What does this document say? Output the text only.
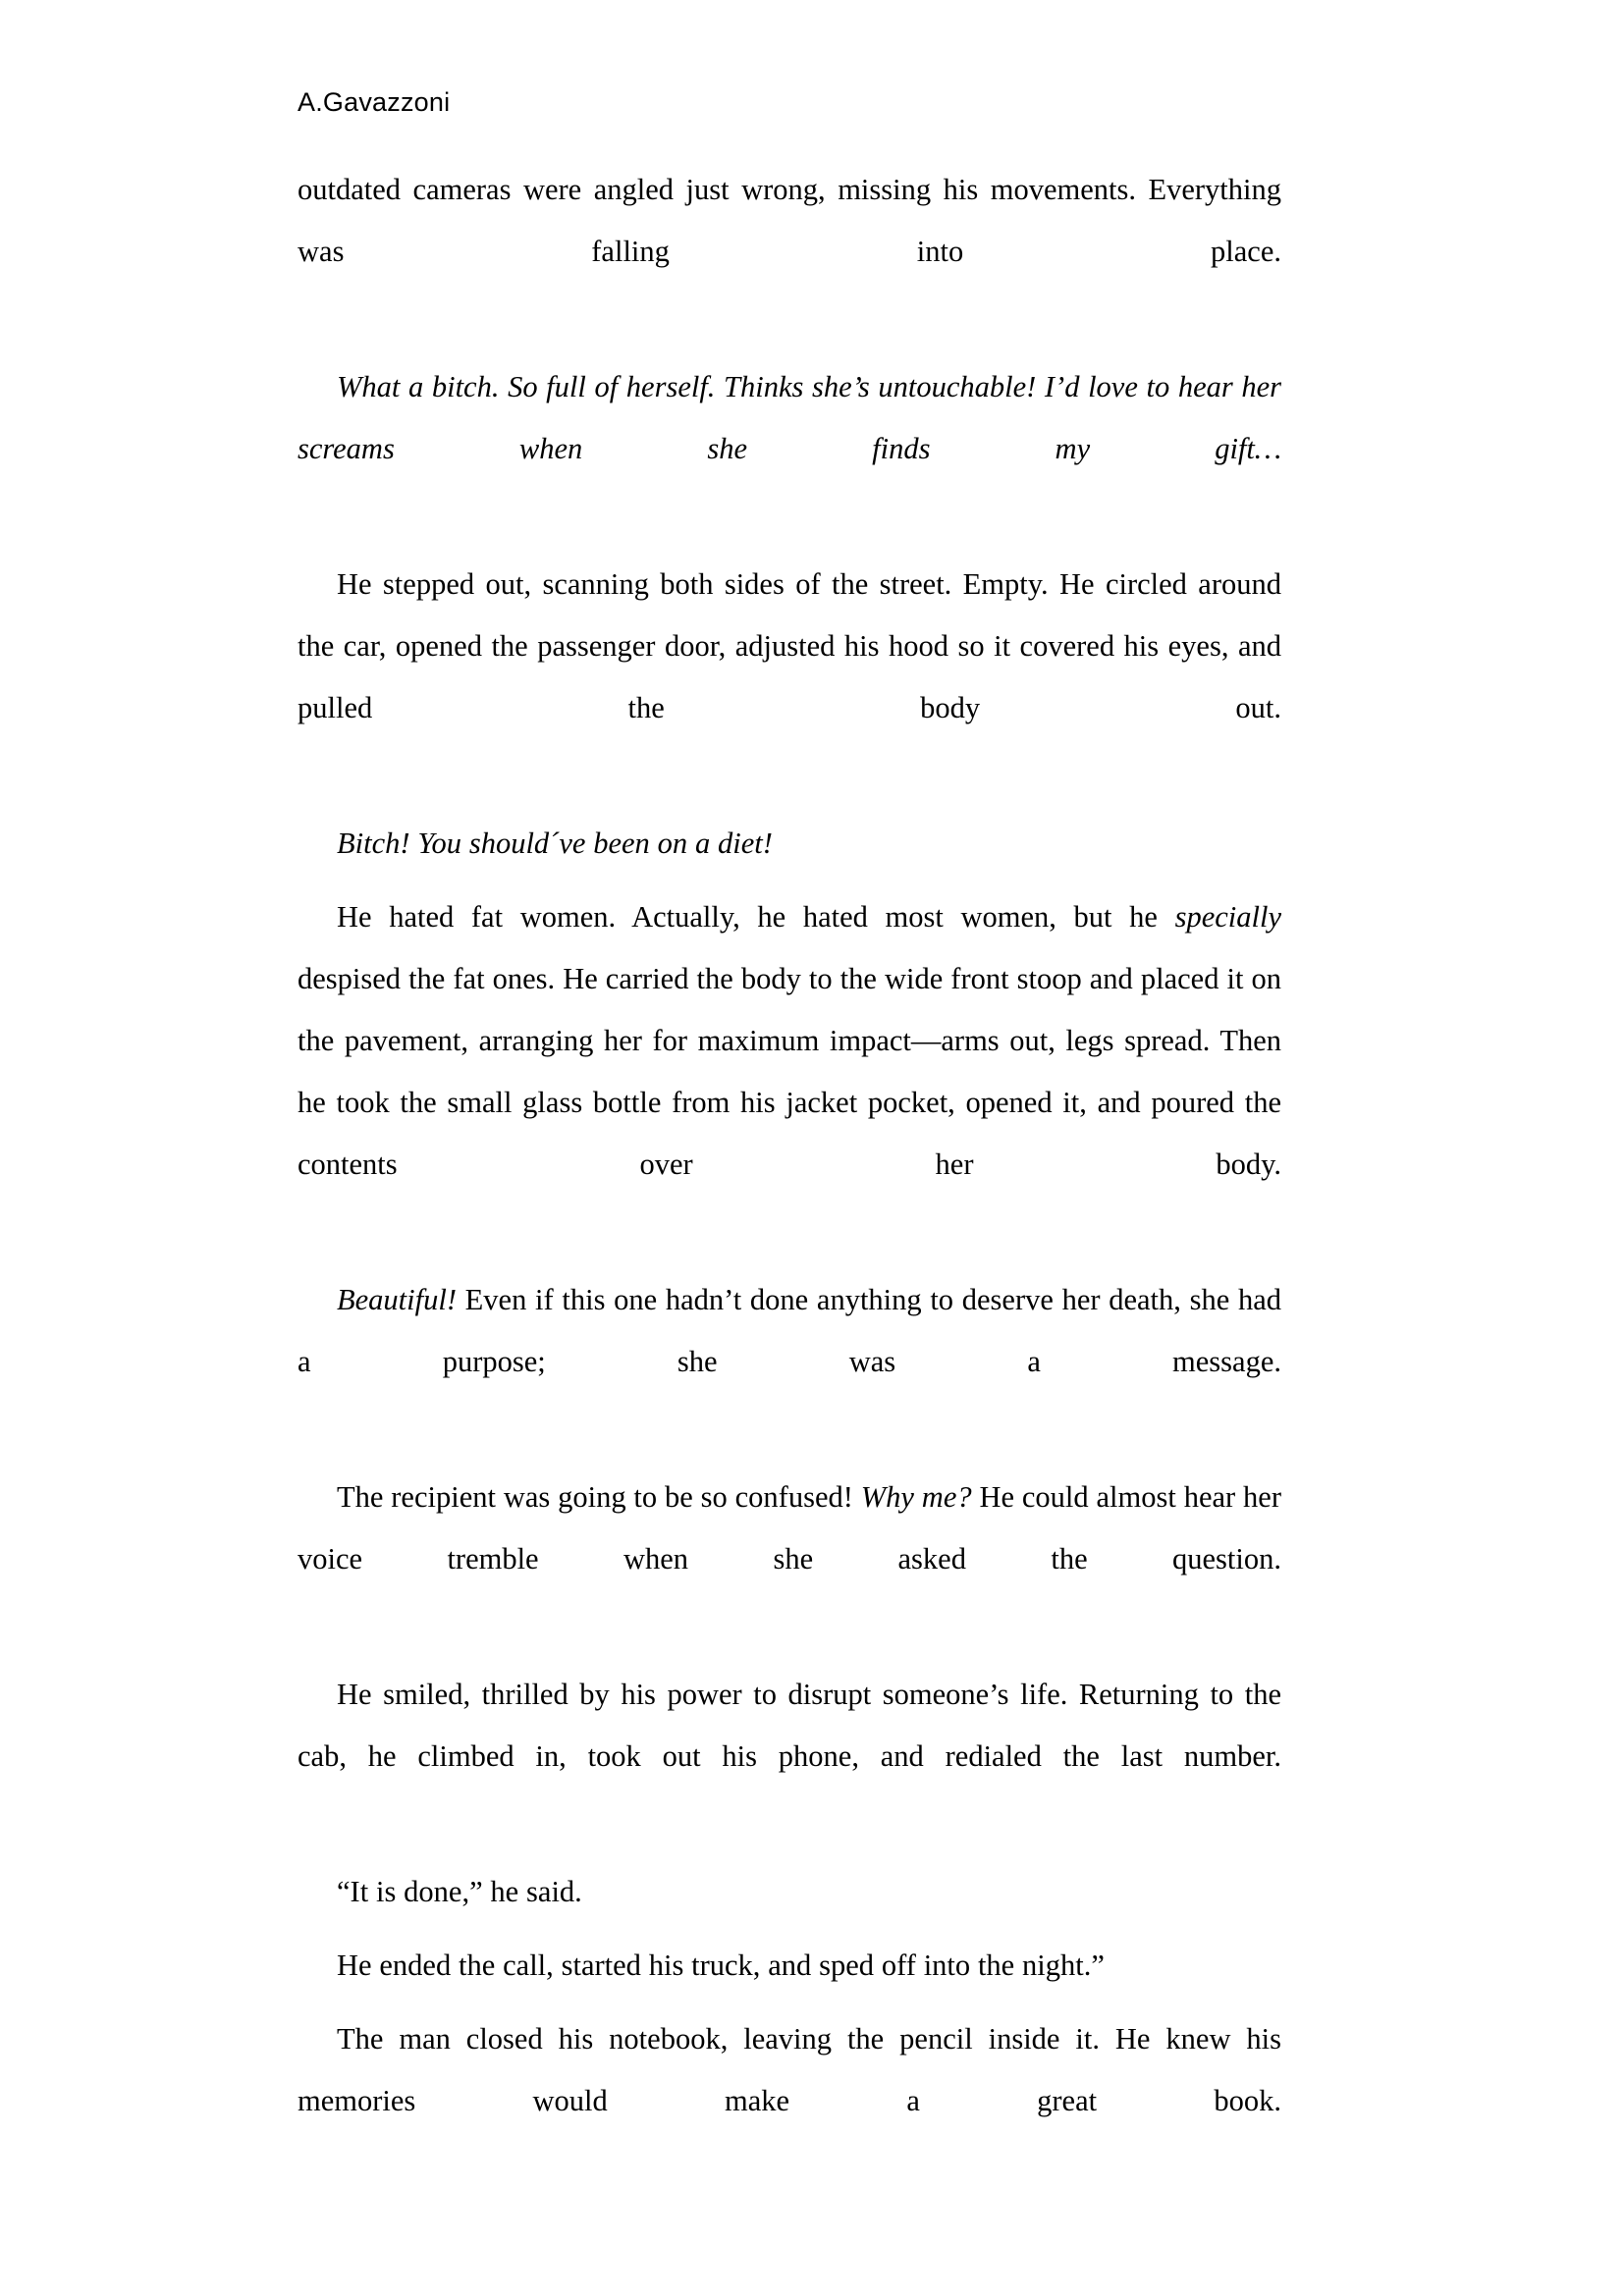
A.Gavazzoni

outdated cameras were angled just wrong, missing his movements. Everything was falling into place.

What a bitch. So full of herself. Thinks she’s untouchable! I’d love to hear her screams when she finds my gift…

He stepped out, scanning both sides of the street. Empty. He circled around the car, opened the passenger door, adjusted his hood so it covered his eyes, and pulled the body out.

Bitch! You should´ve been on a diet!

He hated fat women. Actually, he hated most women, but he specially despised the fat ones. He carried the body to the wide front stoop and placed it on the pavement, arranging her for maximum impact—arms out, legs spread. Then he took the small glass bottle from his jacket pocket, opened it, and poured the contents over her body.

Beautiful! Even if this one hadn’t done anything to deserve her death, she had a purpose; she was a message.

The recipient was going to be so confused! Why me? He could almost hear her voice tremble when she asked the question.

He smiled, thrilled by his power to disrupt someone’s life. Returning to the cab, he climbed in, took out his phone, and redialed the last number.

“It is done,” he said.

He ended the call, started his truck, and sped off into the night.”

The man closed his notebook, leaving the pencil inside it. He knew his memories would make a great book.
